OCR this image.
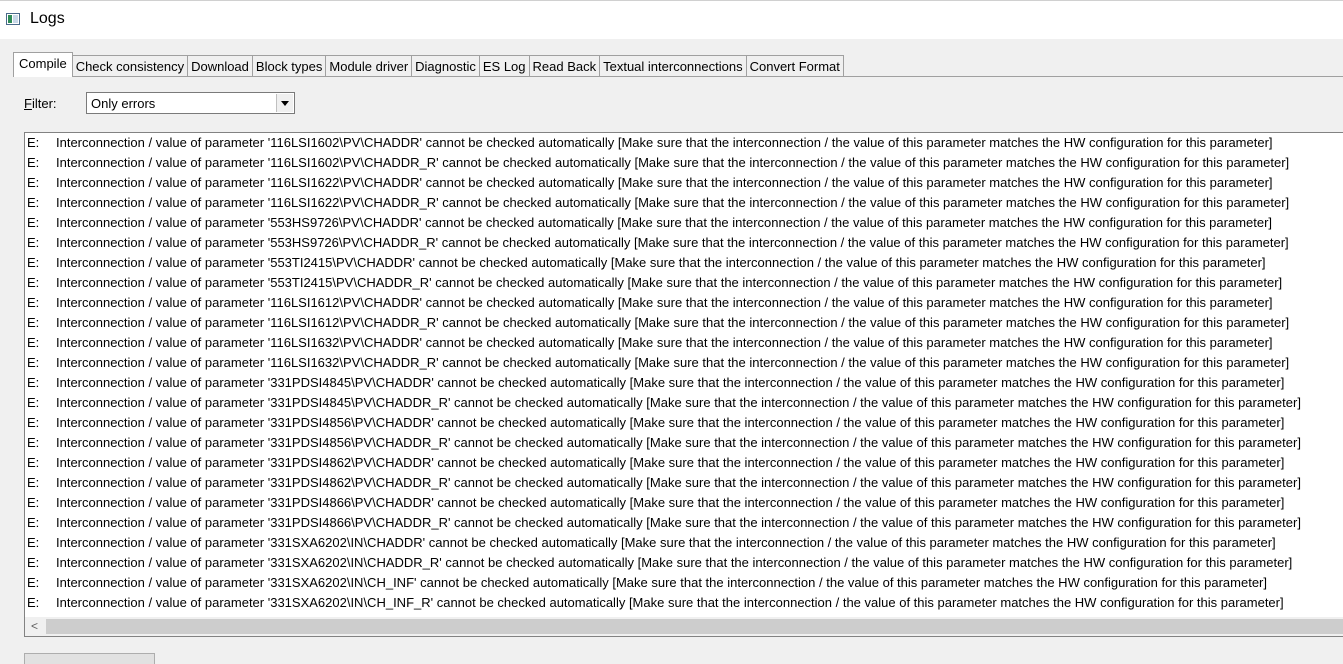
Logs
Compile Check consistency Download Block types Module driver Diagnostic ES Log Read Back Textual interconnections Convert Format
Filter:	Only errors
E: Interconnection / value of parameter '116LSI1602\PV\CHADDR' cannot be checked automatically [Make sure that the interconnection / the value of this parameter matches the HW configuration for this parameter]
E: Interconnection / value of parameter '116LSI1602\PV\CHADDR_R' cannot be checked automatically [Make sure that the interconnection / the value of this parameter matches the HW configuration for this parameter]
E: Interconnection / value of parameter '116LSI1622\PV\CHADDR' cannot be checked automatically [Make sure that the interconnection / the value of this parameter matches the HW configuration for this parameter]
E: Interconnection / value of parameter '116LSI1622\PV\CHADDR_R' cannot be checked automatically [Make sure that the interconnection / the value of this parameter matches the HW configuration for this parameter]
E: Interconnection / value of parameter '553HS9726\PV\CHADDR' cannot be checked automatically [Make sure that the interconnection / the value of this parameter matches the HW configuration for this parameter]
E: Interconnection / value of parameter '553HS9726\PV\CHADDR_R' cannot be checked automatically [Make sure that the interconnection / the value of this parameter matches the HW configuration for this parameter]
E: Interconnection / value of parameter '553TI2415\PV\CHADDR' cannot be checked automatically [Make sure that the interconnection / the value of this parameter matches the HW configuration for this parameter]
E: Interconnection / value of parameter '553TI2415\PV\CHADDR_R' cannot be checked automatically [Make sure that the interconnection / the value of this parameter matches the HW configuration for this parameter]
E: Interconnection / value of parameter '116LSI1612\PV\CHADDR' cannot be checked automatically [Make sure that the interconnection / the value of this parameter matches the HW configuration for this parameter]
E: Interconnection / value of parameter '116LSI1612\PV\CHADDR_R' cannot be checked automatically [Make sure that the interconnection / the value of this parameter matches the HW configuration for this parameter]
E: Interconnection / value of parameter '116LSI1632\PV\CHADDR' cannot be checked automatically [Make sure that the interconnection / the value of this parameter matches the HW configuration for this parameter]
E: Interconnection / value of parameter '116LSI1632\PV\CHADDR_R' cannot be checked automatically [Make sure that the interconnection / the value of this parameter matches the HW configuration for this parameter]
E: Interconnection / value of parameter '331PDSI4845\PV\CHADDR' cannot be checked automatically [Make sure that the interconnection / the value of this parameter matches the HW configuration for this parameter]
E: Interconnection / value of parameter '331PDSI4845\PV\CHADDR_R' cannot be checked automatically [Make sure that the interconnection / the value of this parameter matches the HW configuration for this parameter]
E: Interconnection / value of parameter '331PDSI4856\PV\CHADDR' cannot be checked automatically [Make sure that the interconnection / the value of this parameter matches the HW configuration for this parameter]
E: Interconnection / value of parameter '331PDSI4856\PV\CHADDR_R' cannot be checked automatically [Make sure that the interconnection / the value of this parameter matches the HW configuration for this parameter]
E: Interconnection / value of parameter '331PDSI4862\PV\CHADDR' cannot be checked automatically [Make sure that the interconnection / the value of this parameter matches the HW configuration for this parameter]
E: Interconnection / value of parameter '331PDSI4862\PV\CHADDR_R' cannot be checked automatically [Make sure that the interconnection / the value of this parameter matches the HW configuration for this parameter]
E: Interconnection / value of parameter '331PDSI4866\PV\CHADDR' cannot be checked automatically [Make sure that the interconnection / the value of this parameter matches the HW configuration for this parameter]
E: Interconnection / value of parameter '331PDSI4866\PV\CHADDR_R' cannot be checked automatically [Make sure that the interconnection / the value of this parameter matches the HW configuration for this parameter]
E: Interconnection / value of parameter '331SXA6202\IN\CHADDR' cannot be checked automatically [Make sure that the interconnection / the value of this parameter matches the HW configuration for this parameter]
E: Interconnection / value of parameter '331SXA6202\IN\CHADDR_R' cannot be checked automatically [Make sure that the interconnection / the value of this parameter matches the HW configuration for this parameter]
E: Interconnection / value of parameter '331SXA6202\IN\CH_INF' cannot be checked automatically [Make sure that the interconnection / the value of this parameter matches the HW configuration for this parameter]
E: Interconnection / value of parameter '331SXA6202\IN\CH_INF_R' cannot be checked automatically [Make sure that the interconnection / the value of this parameter matches the HW configuration for this parameter]
<
